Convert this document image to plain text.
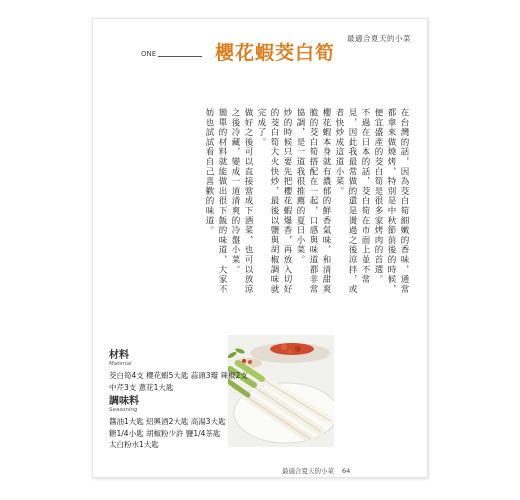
最適合夏天的小菜
ONE	櫻花蝦茭白筍

在台灣的話，因為茭白筍細嫩的香味，通常都拿來做燒烤，特別是中秋節前後的時候，便宜盛產的茭白筍是很多家烤肉的首選。

不過在日本的話，茭白筍在市面上並不常見，因此我最常做的還是燙過之後涼拌，或者快炒成這道小菜。

櫻花蝦本身就有濃郁的鮮香氣味，和清甜爽脆的茭白筍搭配在一起，口感與味道都非常協調，是一道我很推薦的夏日小菜。

炒的時候只要先把櫻花蝦爆香，再放入切好的茭白筍大火快炒，最後以鹽與胡椒調味就完成了。

做好之後可以直接當成下酒菜，也可以放涼之後冷藏，變成一道清爽的冷盤小菜。

簡單的材料就能做出很下飯的味道，大家不妨也試試看自己喜歡的味道。

材料
Material
茭白筍4支 櫻花蝦5大匙 蒜頭3瓣 辣椒2支
中芹3支 蔥花1大匙
調味料
Seasoning
醬油1大匙 紹興酒2大匙 高湯3大匙
糖1/4小匙 胡椒粉少許 鹽1/4茶匙
太白粉水1大匙
最適合夏天的小菜 64
